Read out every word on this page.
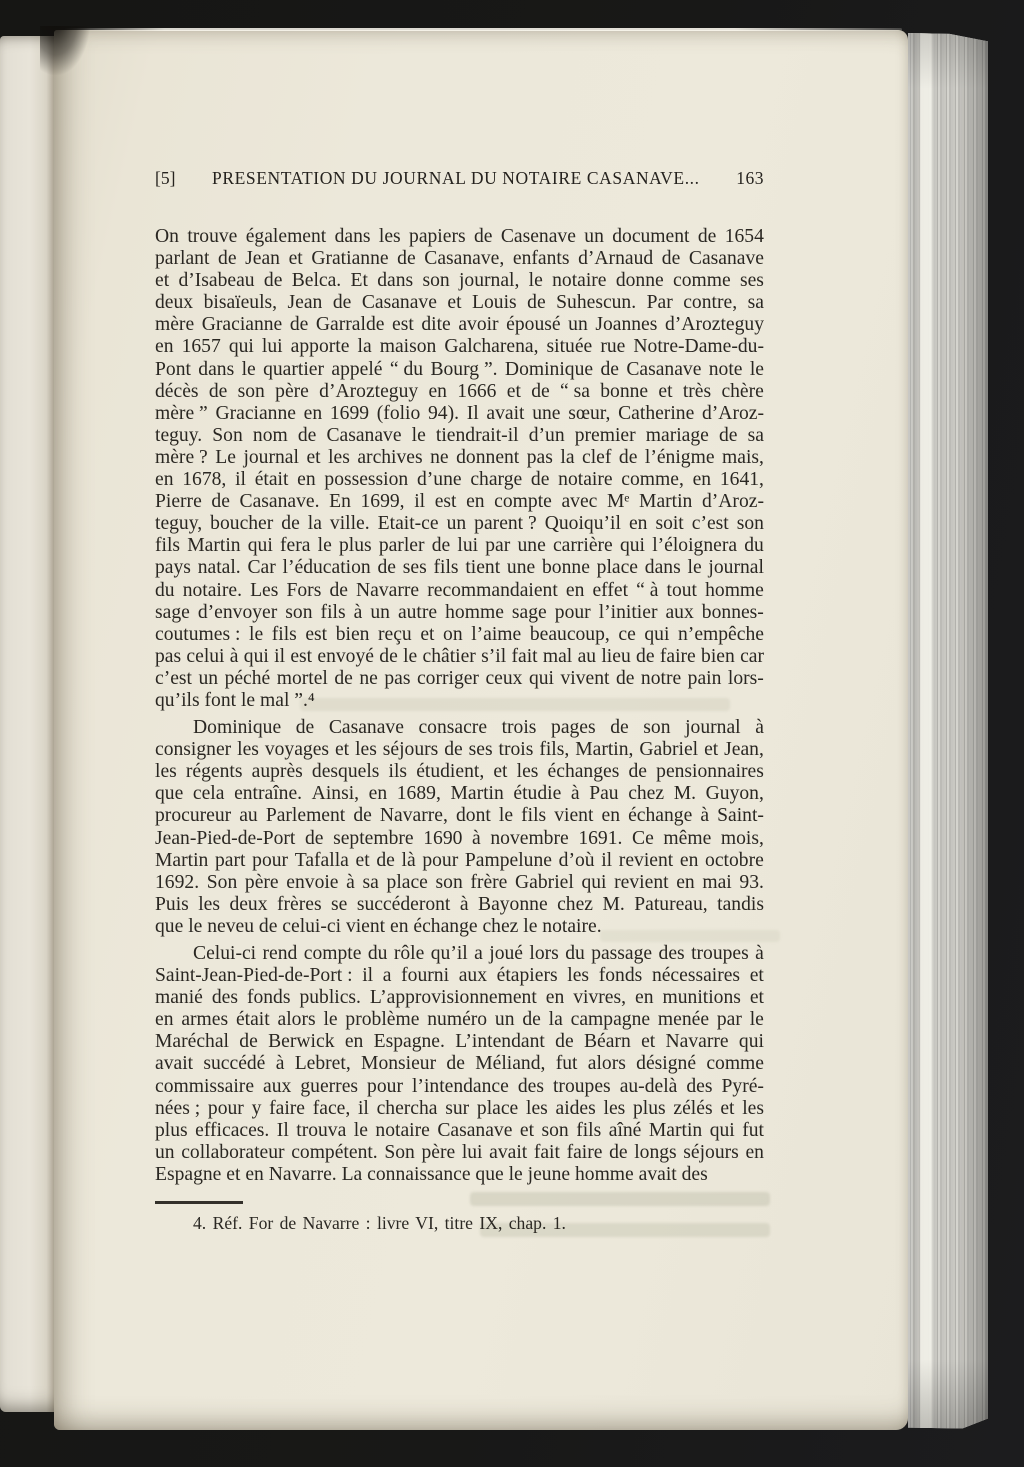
[5] PRESENTATION DU JOURNAL DU NOTAIRE CASANAVE... 163
On trouve également dans les papiers de Casenave un document de 1654
parlant de Jean et Gratianne de Casanave, enfants d’Arnaud de Casanave
et d’Isabeau de Belca. Et dans son journal, le notaire donne comme ses
deux bisaïeuls, Jean de Casanave et Louis de Suhescun. Par contre, sa
mère Gracianne de Garralde est dite avoir épousé un Joannes d’Arozteguy
en 1657 qui lui apporte la maison Galcharena, située rue Notre-Dame-du-
Pont dans le quartier appelé “ du Bourg ”. Dominique de Casanave note le
décès de son père d’Arozteguy en 1666 et de “ sa bonne et très chère
mère ” Gracianne en 1699 (folio 94). Il avait une sœur, Catherine d’Aroz-
teguy. Son nom de Casanave le tiendrait-il d’un premier mariage de sa
mère ? Le journal et les archives ne donnent pas la clef de l’énigme mais,
en 1678, il était en possession d’une charge de notaire comme, en 1641,
Pierre de Casanave. En 1699, il est en compte avec Mᵉ Martin d’Aroz-
teguy, boucher de la ville. Etait-ce un parent ? Quoiqu’il en soit c’est son
fils Martin qui fera le plus parler de lui par une carrière qui l’éloignera du
pays natal. Car l’éducation de ses fils tient une bonne place dans le journal
du notaire. Les Fors de Navarre recommandaient en effet “ à tout homme
sage d’envoyer son fils à un autre homme sage pour l’initier aux bonnes-
coutumes : le fils est bien reçu et on l’aime beaucoup, ce qui n’empêche
pas celui à qui il est envoyé de le châtier s’il fait mal au lieu de faire bien car
c’est un péché mortel de ne pas corriger ceux qui vivent de notre pain lors-
qu’ils font le mal ”.⁴
Dominique de Casanave consacre trois pages de son journal à
consigner les voyages et les séjours de ses trois fils, Martin, Gabriel et Jean,
les régents auprès desquels ils étudient, et les échanges de pensionnaires
que cela entraîne. Ainsi, en 1689, Martin étudie à Pau chez M. Guyon,
procureur au Parlement de Navarre, dont le fils vient en échange à Saint-
Jean-Pied-de-Port de septembre 1690 à novembre 1691. Ce même mois,
Martin part pour Tafalla et de là pour Pampelune d’où il revient en octobre
1692. Son père envoie à sa place son frère Gabriel qui revient en mai 93.
Puis les deux frères se succéderont à Bayonne chez M. Patureau, tandis
que le neveu de celui-ci vient en échange chez le notaire.
Celui-ci rend compte du rôle qu’il a joué lors du passage des troupes à
Saint-Jean-Pied-de-Port : il a fourni aux étapiers les fonds nécessaires et
manié des fonds publics. L’approvisionnement en vivres, en munitions et
en armes était alors le problème numéro un de la campagne menée par le
Maréchal de Berwick en Espagne. L’intendant de Béarn et Navarre qui
avait succédé à Lebret, Monsieur de Méliand, fut alors désigné comme
commissaire aux guerres pour l’intendance des troupes au-delà des Pyré-
nées ; pour y faire face, il chercha sur place les aides les plus zélés et les
plus efficaces. Il trouva le notaire Casanave et son fils aîné Martin qui fut
un collaborateur compétent. Son père lui avait fait faire de longs séjours en
Espagne et en Navarre. La connaissance que le jeune homme avait des
4. Réf. For de Navarre : livre VI, titre IX, chap. 1.
